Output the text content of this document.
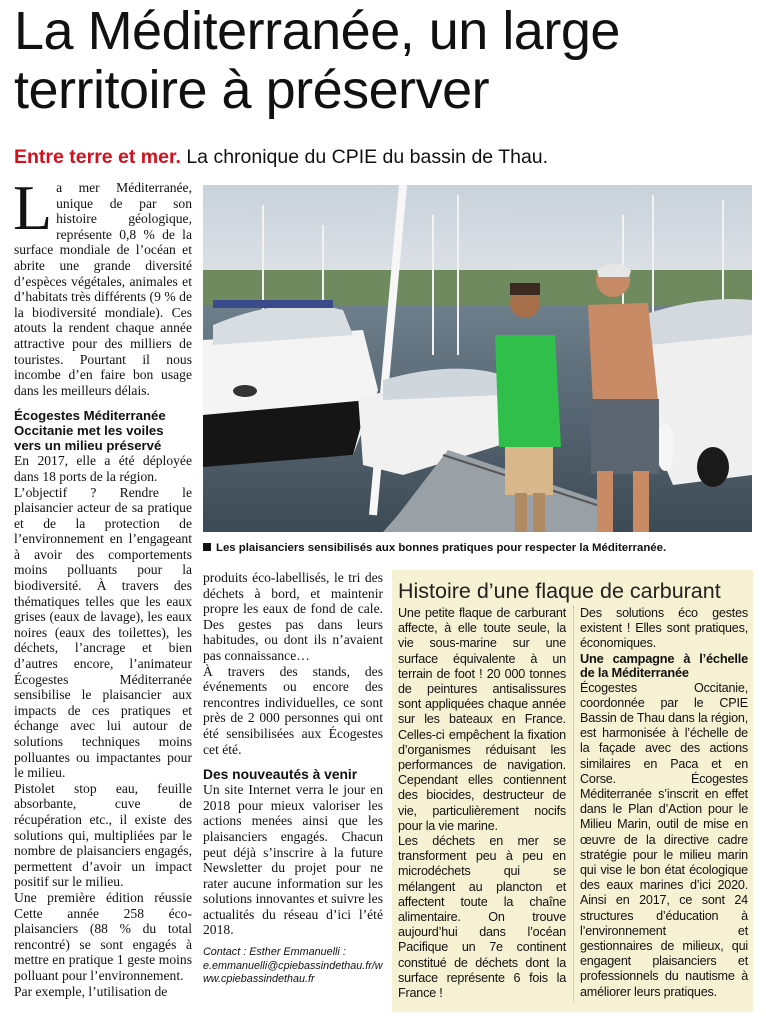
La Méditerranée, un large territoire à préserver
Entre terre et mer. La chronique du CPIE du bassin de Thau.

La mer Méditerranée, unique de par son histoire géologique, représente 0,8 % de la surface mondiale de l’océan et abrite une grande diversité d’espèces végétales, animales et d’habitats très différents (9 % de la biodiversité mondiale). Ces atouts la rendent chaque année attractive pour des milliers de touristes. Pourtant il nous incombe d’en faire bon usage dans les meilleurs délais.

Écogestes Méditerranée Occitanie met les voiles vers un milieu préservé

En 2017, elle a été déployée dans 18 ports de la région.

L’objectif ? Rendre le plaisancier acteur de sa pratique et de la protection de l’environnement en l’engageant à avoir des comportements moins polluants pour la biodiversité. À travers des thématiques telles que les eaux grises (eaux de lavage), les eaux noires (eaux des toilettes), les déchets, l’ancrage et bien d’autres encore, l’animateur Écogestes Méditerranée sensibilise le plaisancier aux impacts de ces pratiques et échange avec lui autour de solutions techniques moins polluantes ou impactantes pour le milieu.

Pistolet stop eau, feuille absorbante, cuve de récupération etc., il existe des solutions qui, multipliées par le nombre de plaisanciers engagés, permettent d’avoir un impact positif sur le milieu.

Une première édition réussie Cette année 258 éco-plaisanciers (88 % du total rencontré) se sont engagés à mettre en pratique 1 geste moins polluant pour l’environnement.

Par exemple, l’utilisation de

Les plaisanciers sensibilisés aux bonnes pratiques pour respecter la Méditerranée.

produits éco-labellisés, le tri des déchets à bord, et maintenir propre les eaux de fond de cale. Des gestes pas dans leurs habitudes, ou dont ils n’avaient pas connaissance…

À travers des stands, des événements ou encore des rencontres individuelles, ce sont près de 2 000 personnes qui ont été sensibilisées aux Écogestes cet été.

Des nouveautés à venir

Un site Internet verra le jour en 2018 pour mieux valoriser les actions menées ainsi que les plaisanciers engagés. Chacun peut déjà s’inscrire à la future Newsletter du projet pour ne rater aucune information sur les solutions innovantes et suivre les actualités du réseau d’ici l’été 2018.

Contact : Esther Emmanuelli :
e.emmanuelli@cpiebassindethau.fr/www.cpiebassindethau.fr
Histoire d’une flaque de carburant

Une petite flaque de carburant affecte, à elle toute seule, la vie sous-marine sur une surface équivalente à un terrain de foot ! 20 000 tonnes de peintures antisalissures sont appliquées chaque année sur les bateaux en France. Celles-ci empêchent la fixation d’organismes réduisant les performances de navigation. Cependant elles contiennent des biocides, destructeur de vie, particulièrement nocifs pour la vie marine.

Les déchets en mer se transforment peu à peu en microdéchets qui se mélangent au plancton et affectent toute la chaîne alimentaire. On trouve aujourd’hui dans l’océan Pacifique un 7e continent constitué de déchets dont la surface représente 6 fois la France !

Des solutions éco gestes existent ! Elles sont pratiques, économiques.

Une campagne à l’échelle de la Méditerranée

Écogestes Occitanie, coordonnée par le CPIE Bassin de Thau dans la région, est harmonisée à l’échelle de la façade avec des actions similaires en Paca et en Corse. Écogestes Méditerranée s’inscrit en effet dans le Plan d’Action pour le Milieu Marin, outil de mise en œuvre de la directive cadre stratégie pour le milieu marin qui vise le bon état écologique des eaux marines d’ici 2020. Ainsi en 2017, ce sont 24 structures d’éducation à l’environnement et gestionnaires de milieux, qui engagent plaisanciers et professionnels du nautisme à améliorer leurs pratiques.
